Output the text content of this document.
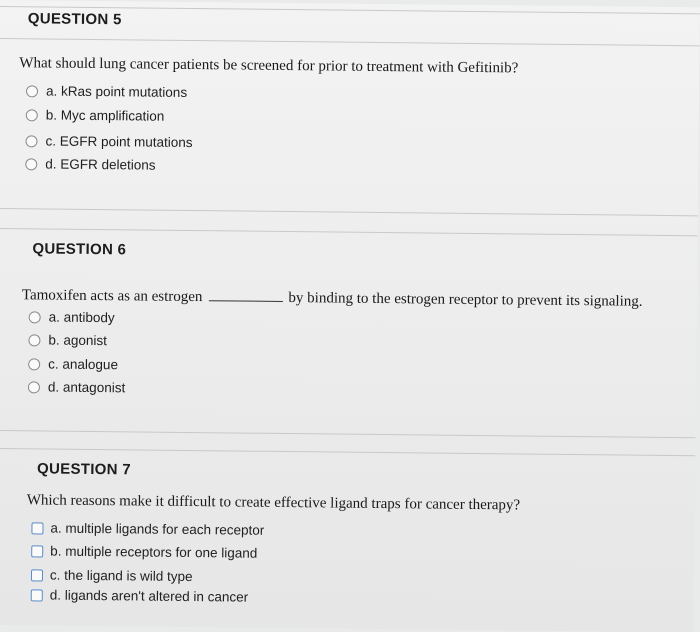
QUESTION 5
What should lung cancer patients be screened for prior to treatment with Gefitinib?
a. kRas point mutations
b. Myc amplification
c. EGFR point mutations
d. EGFR deletions
QUESTION 6
Tamoxifen acts as an estrogen	by binding to the estrogen receptor to prevent its signaling.
a. antibody
b. agonist
c. analogue
d. antagonist
QUESTION 7
Which reasons make it difficult to create effective ligand traps for cancer therapy?
a. multiple ligands for each receptor
b. multiple receptors for one ligand
c. the ligand is wild type
d. ligands aren't altered in cancer
